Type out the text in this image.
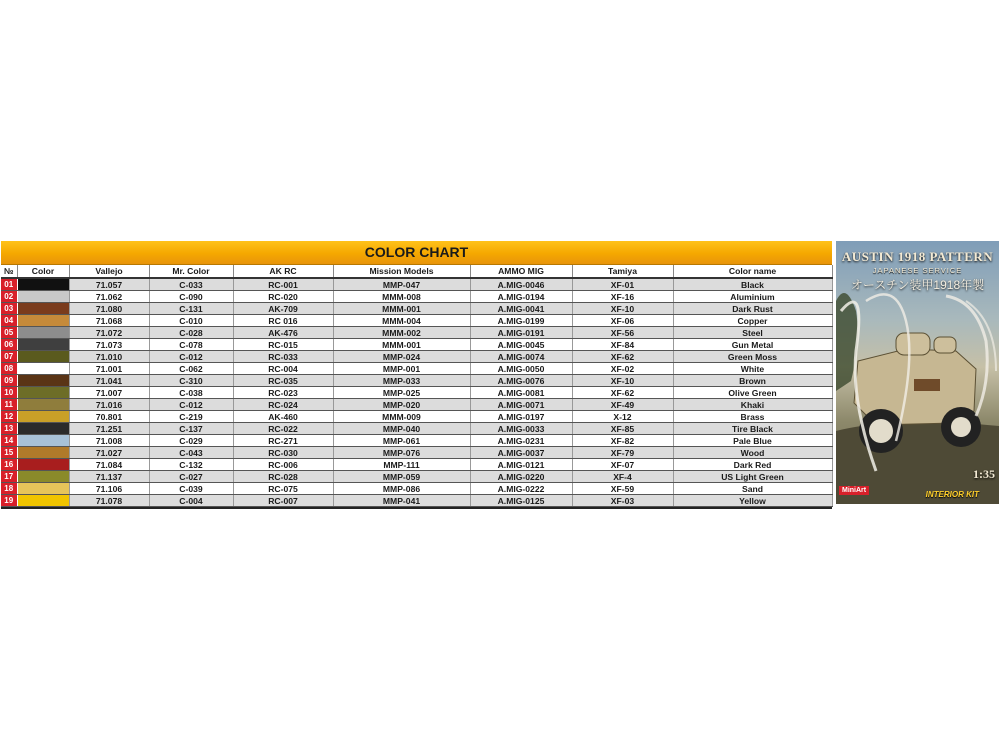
COLOR CHART
№	Color	Vallejo	Mr. Color	AK RC	Mission Models	AMMO MIG	Tamiya	Color name
01		71.057	C-033	RC-001	MMP-047	A.MIG-0046	XF-01	Black
02		71.062	C-090	RC-020	MMM-008	A.MIG-0194	XF-16	Aluminium
03		71.080	C-131	AK-709	MMM-001	A.MIG-0041	XF-10	Dark Rust
04		71.068	C-010	RC 016	MMM-004	A.MIG-0199	XF-06	Copper
05		71.072	C-028	AK-476	MMM-002	A.MIG-0191	XF-56	Steel
06		71.073	C-078	RC-015	MMM-001	A.MIG-0045	XF-84	Gun Metal
07		71.010	C-012	RC-033	MMP-024	A.MIG-0074	XF-62	Green Moss
08		71.001	C-062	RC-004	MMP-001	A.MIG-0050	XF-02	White
09		71.041	C-310	RC-035	MMP-033	A.MIG-0076	XF-10	Brown
10		71.007	C-038	RC-023	MMP-025	A.MIG-0081	XF-62	Olive Green
11		71.016	C-012	RC-024	MMP-020	A.MIG-0071	XF-49	Khaki
12		70.801	C-219	AK-460	MMM-009	A.MIG-0197	X-12	Brass
13		71.251	C-137	RC-022	MMP-040	A.MIG-0033	XF-85	Tire Black
14		71.008	C-029	RC-271	MMP-061	A.MIG-0231	XF-82	Pale Blue
15		71.027	C-043	RC-030	MMP-076	A.MIG-0037	XF-79	Wood
16		71.084	C-132	RC-006	MMP-111	A.MIG-0121	XF-07	Dark Red
17		71.137	C-027	RC-028	MMP-059	A.MIG-0220	XF-4	US Light Green
18		71.106	C-039	RC-075	MMP-086	A.MIG-0222	XF-59	Sand
19		71.078	C-004	RC-007	MMP-041	A.MIG-0125	XF-03	Yellow
AUSTIN 1918 PATTERN
JAPANESE SERVICE
オースチン装甲1918年製
1:35
MiniArt	INTERIOR KIT
